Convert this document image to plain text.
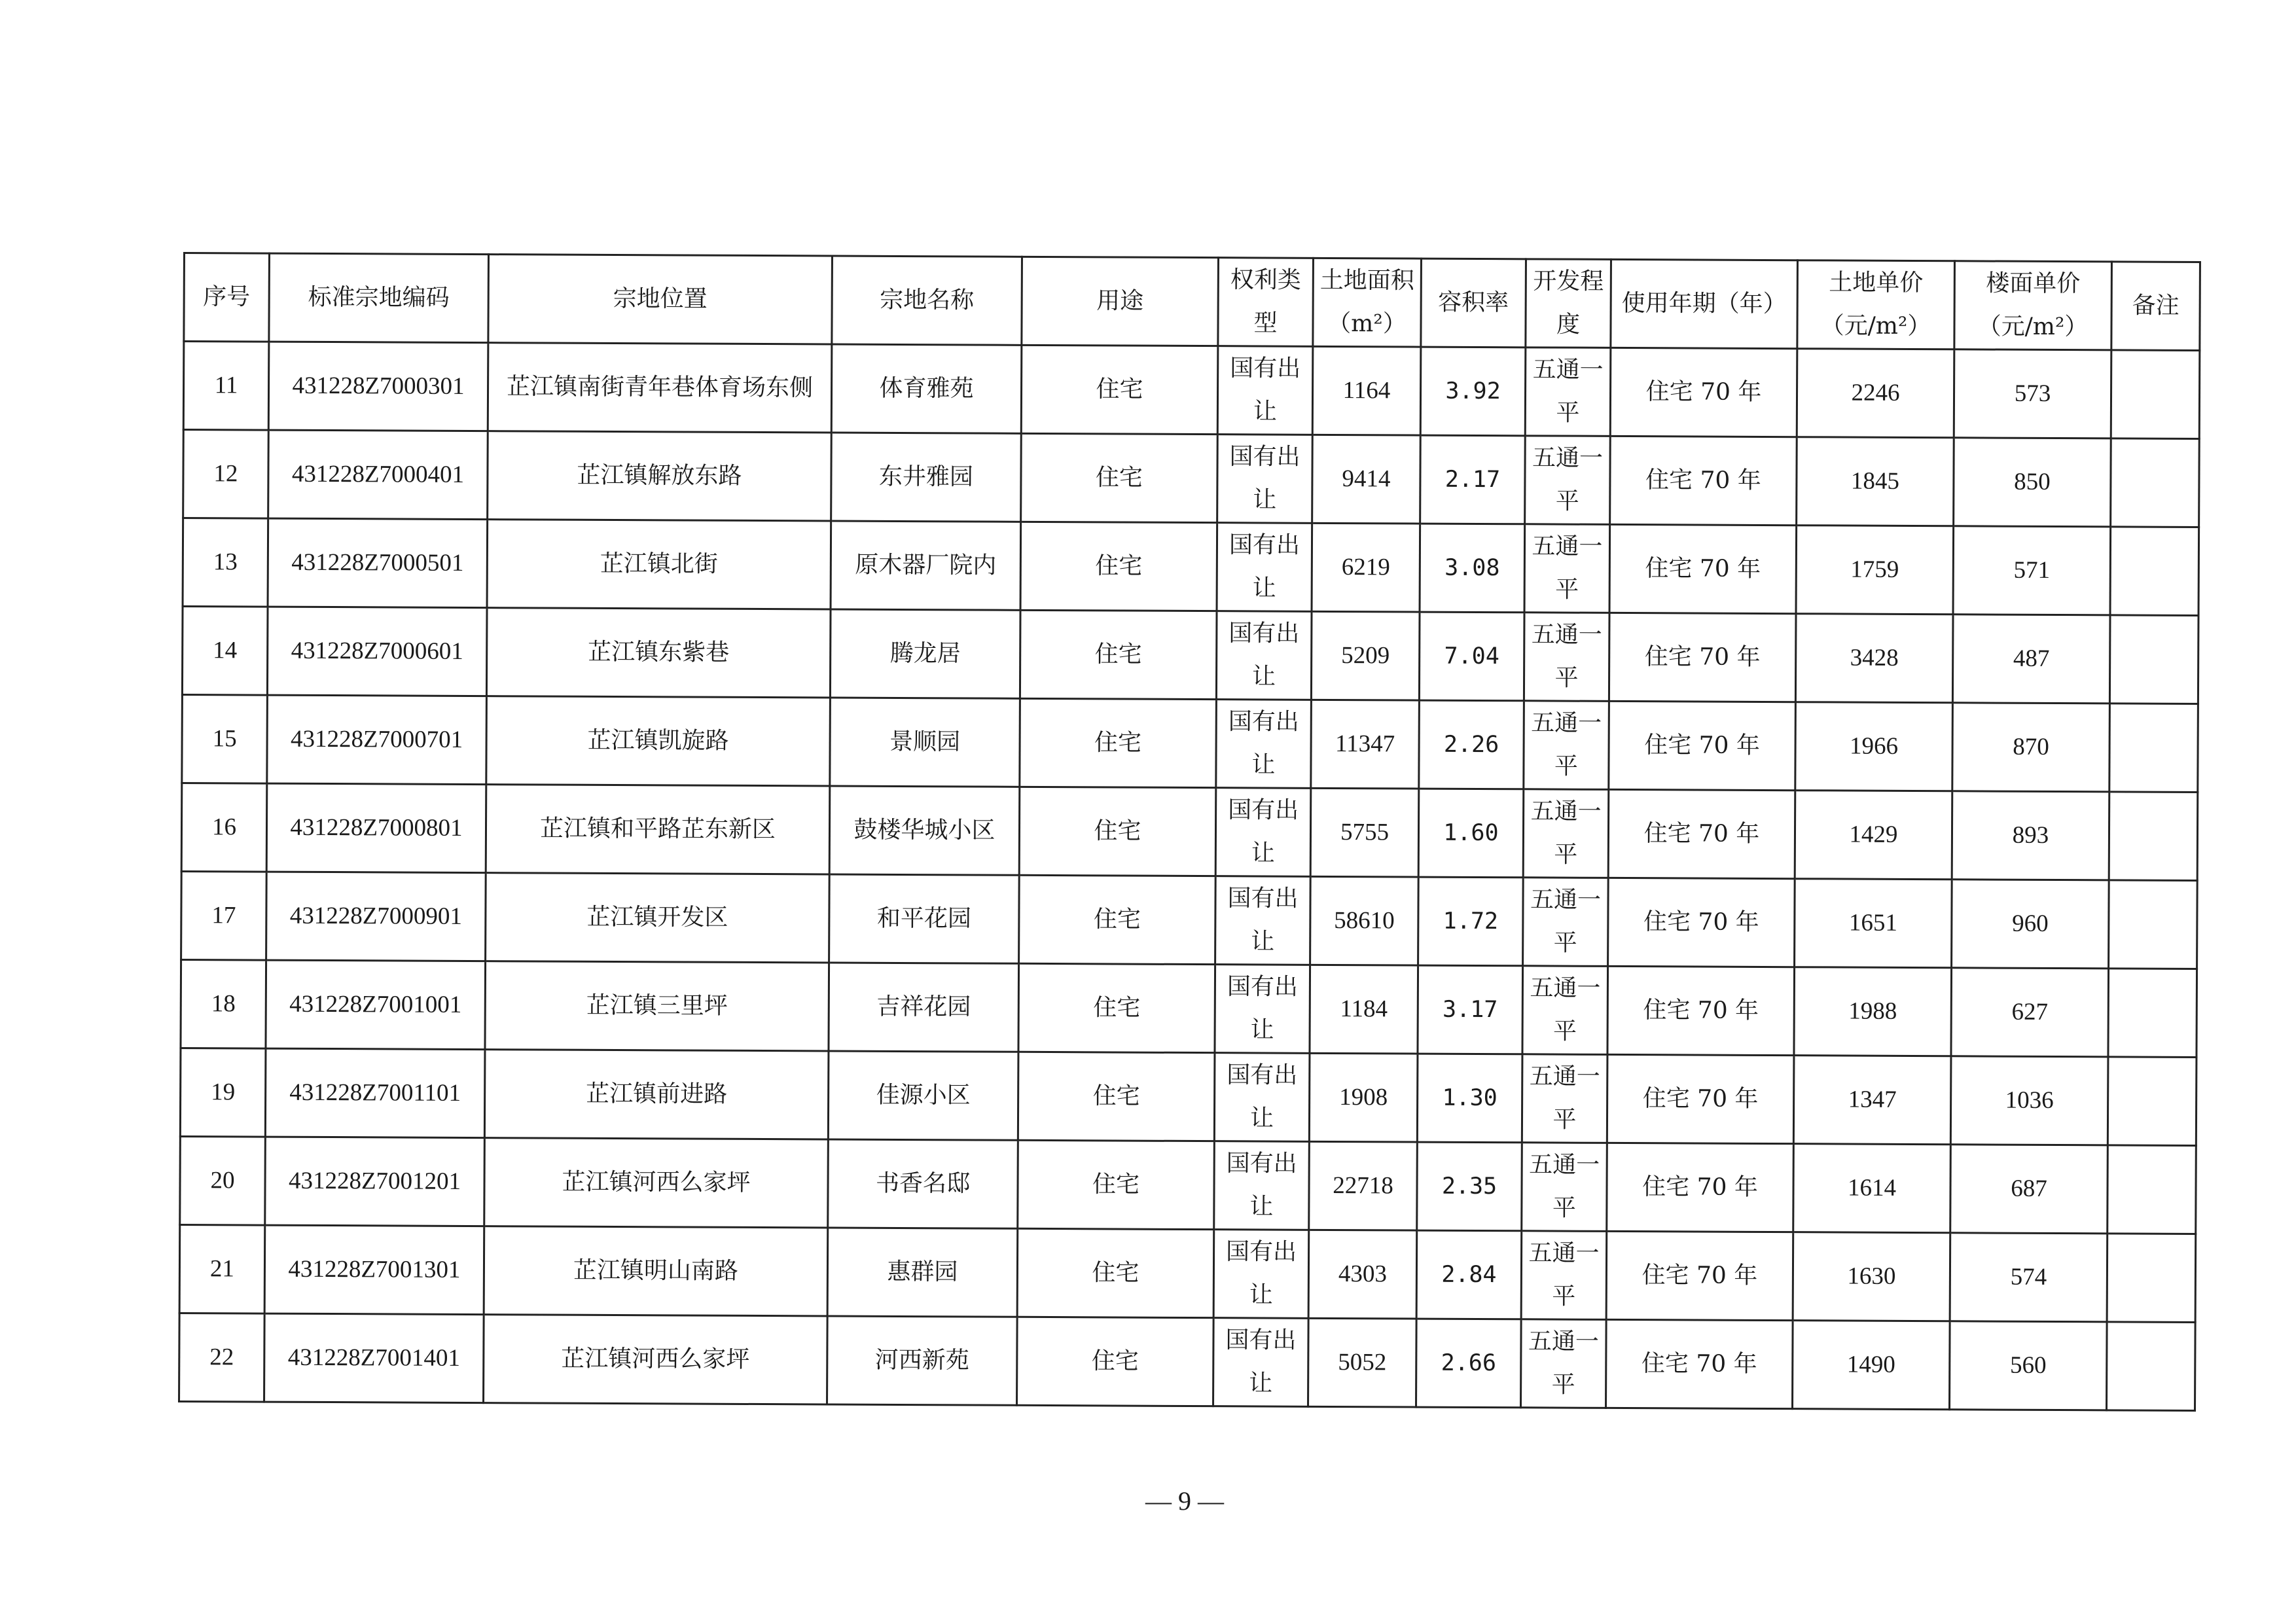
序号	标准宗地编码	宗地位置	宗地名称	用途	权利类型	土地面积（m²）	容积率	开发程度	使用年期（年）	土地单价（元/m²）	楼面单价（元/m²）	备注
11	431228Z7000301	芷江镇南街青年巷体育场东侧	体育雅苑	住宅	国有出让	1164	3.92	五通一平	住宅 70 年	2246	573	
12	431228Z7000401	芷江镇解放东路	东井雅园	住宅	国有出让	9414	2.17	五通一平	住宅 70 年	1845	850	
13	431228Z7000501	芷江镇北街	原木器厂院内	住宅	国有出让	6219	3.08	五通一平	住宅 70 年	1759	571	
14	431228Z7000601	芷江镇东紫巷	腾龙居	住宅	国有出让	5209	7.04	五通一平	住宅 70 年	3428	487	
15	431228Z7000701	芷江镇凯旋路	景顺园	住宅	国有出让	11347	2.26	五通一平	住宅 70 年	1966	870	
16	431228Z7000801	芷江镇和平路芷东新区	鼓楼华城小区	住宅	国有出让	5755	1.60	五通一平	住宅 70 年	1429	893	
17	431228Z7000901	芷江镇开发区	和平花园	住宅	国有出让	58610	1.72	五通一平	住宅 70 年	1651	960	
18	431228Z7001001	芷江镇三里坪	吉祥花园	住宅	国有出让	1184	3.17	五通一平	住宅 70 年	1988	627	
19	431228Z7001101	芷江镇前进路	佳源小区	住宅	国有出让	1908	1.30	五通一平	住宅 70 年	1347	1036	
20	431228Z7001201	芷江镇河西么家坪	书香名邸	住宅	国有出让	22718	2.35	五通一平	住宅 70 年	1614	687	
21	431228Z7001301	芷江镇明山南路	惠群园	住宅	国有出让	4303	2.84	五通一平	住宅 70 年	1630	574	
22	431228Z7001401	芷江镇河西么家坪	河西新苑	住宅	国有出让	5052	2.66	五通一平	住宅 70 年	1490	560	
— 9 —
